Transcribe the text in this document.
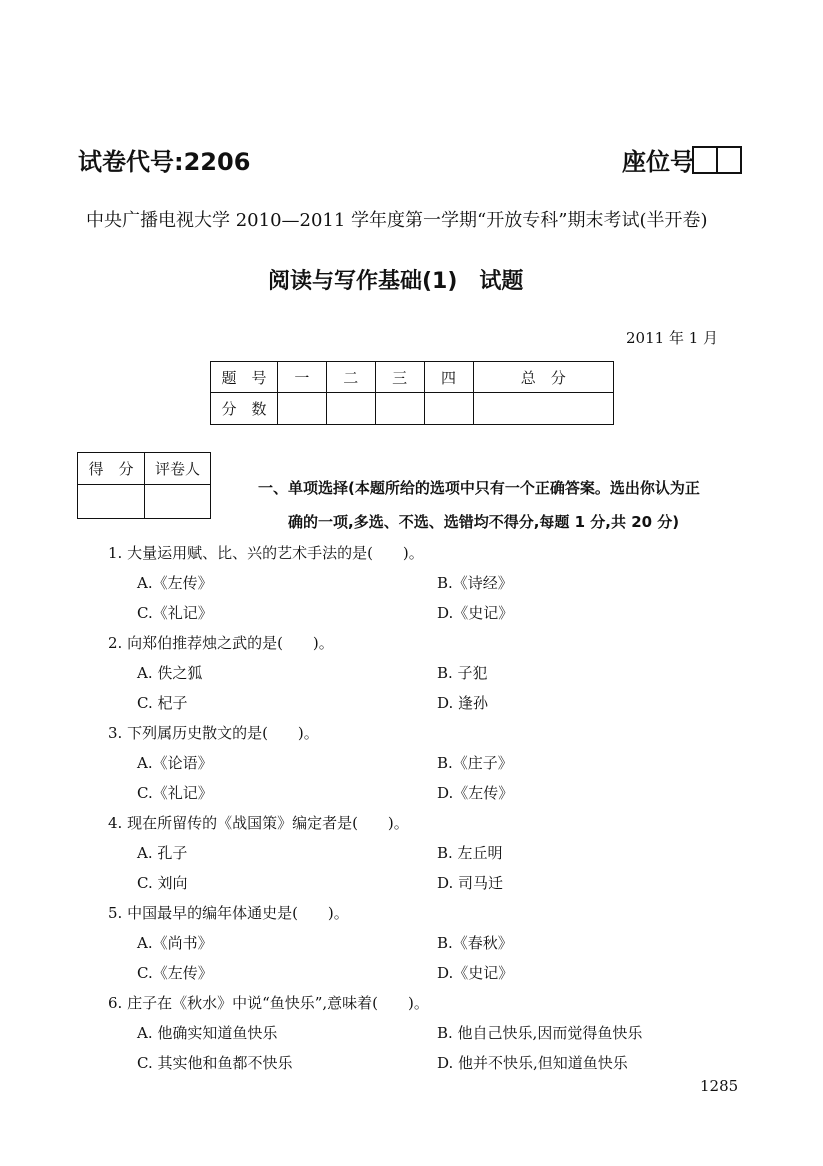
试卷代号:2206	座位号
中央广播电视大学 2010—2011 学年度第一学期“开放专科”期末考试(半开卷)
阅读与写作基础(1)　试题
2011 年 1 月
题　号	一	二	三	四	总　分
分　数					
得　分	评卷人

一、单项选择(本题所给的选项中只有一个正确答案。选出你认为正
确的一项,多选、不选、选错均不得分,每题 1 分,共 20 分)
1. 大量运用赋、比、兴的艺术手法的是(　　)。
A.《左传》	B.《诗经》
C.《礼记》	D.《史记》
2. 向郑伯推荐烛之武的是(　　)。
A. 佚之狐	B. 子犯
C. 杞子	D. 逢孙
3. 下列属历史散文的是(　　)。
A.《论语》	B.《庄子》
C.《礼记》	D.《左传》
4. 现在所留传的《战国策》编定者是(　　)。
A. 孔子	B. 左丘明
C. 刘向	D. 司马迁
5. 中国最早的编年体通史是(　　)。
A.《尚书》	B.《春秋》
C.《左传》	D.《史记》
6. 庄子在《秋水》中说“鱼快乐”,意味着(　　)。
A. 他确实知道鱼快乐	B. 他自己快乐,因而觉得鱼快乐
C. 其实他和鱼都不快乐	D. 他并不快乐,但知道鱼快乐
1285
